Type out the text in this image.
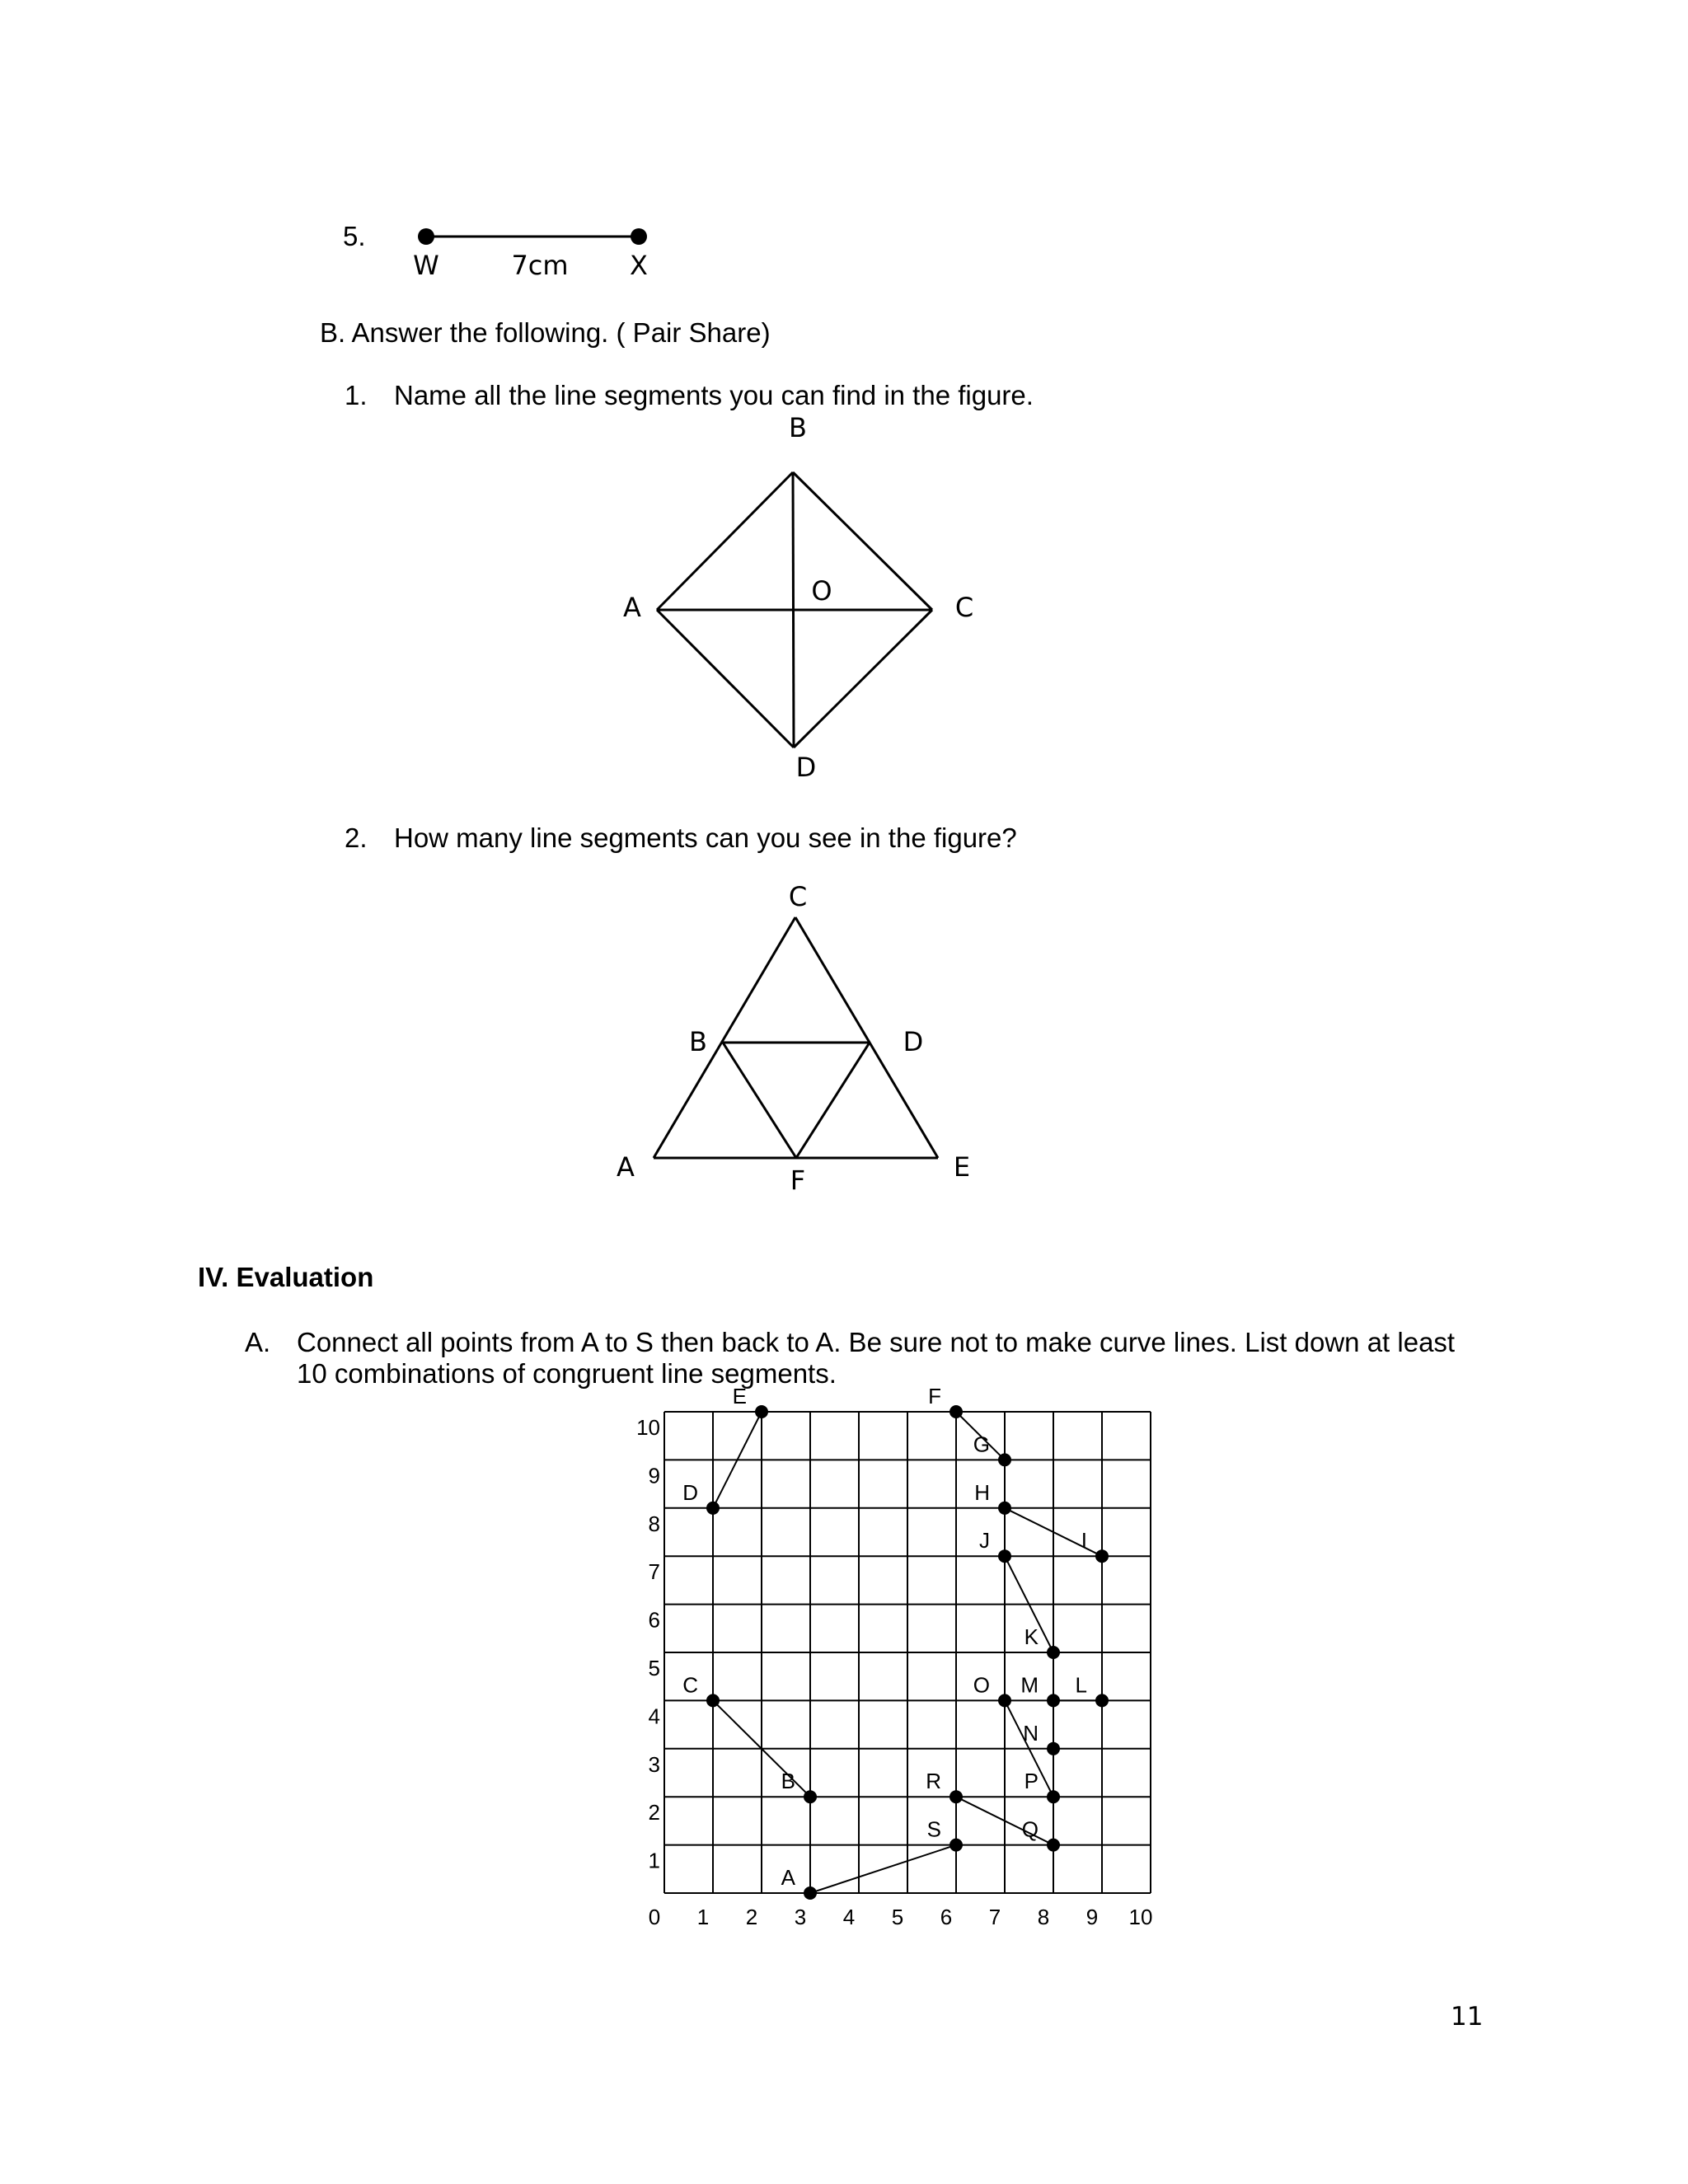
5.
W	7cm X
B. Answer the following. ( Pair Share)
1. Name all the line segments you can find in the figure.
B
A	C
D
O
2. How many line segments can you see in the figure?
C
B	D
A	F	E
IV. Evaluation
A. Connect all points from A to S then back to A. Be sure not to make curve lines. List down at least
10 combinations of congruent line segments.
A
B
C
D
E	F
G
H
I
J
K
L
M
N
O
P
Q
R
S
0 1 2 3 4 5 6 7 8 9 10
1
2
3
4
5
6
7
8
9
10
11
